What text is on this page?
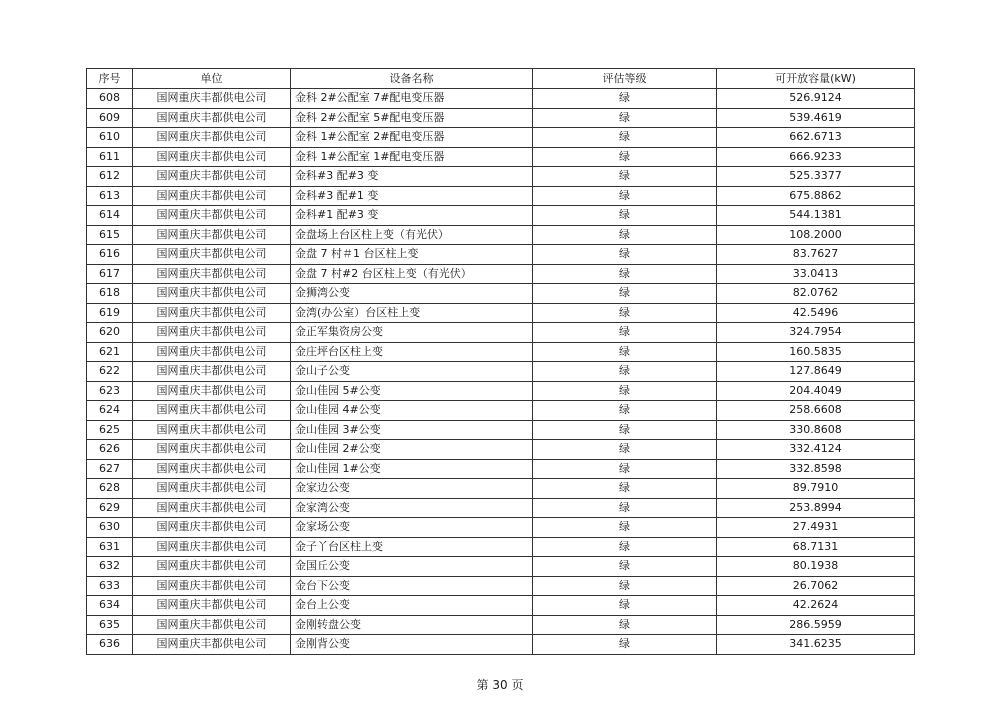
序号	单位	设备名称	评估等级	可开放容量(kW)
608	国网重庆丰都供电公司	金科 2#公配室 7#配电变压器	绿	526.9124
609	国网重庆丰都供电公司	金科 2#公配室 5#配电变压器	绿	539.4619
610	国网重庆丰都供电公司	金科 1#公配室 2#配电变压器	绿	662.6713
611	国网重庆丰都供电公司	金科 1#公配室 1#配电变压器	绿	666.9233
612	国网重庆丰都供电公司	金科#3 配#3 变	绿	525.3377
613	国网重庆丰都供电公司	金科#3 配#1 变	绿	675.8862
614	国网重庆丰都供电公司	金科#1 配#3 变	绿	544.1381
615	国网重庆丰都供电公司	金盘场上台区柱上变（有光伏）	绿	108.2000
616	国网重庆丰都供电公司	金盘 7 村＃1 台区柱上变	绿	83.7627
617	国网重庆丰都供电公司	金盘 7 村#2 台区柱上变（有光伏）	绿	33.0413
618	国网重庆丰都供电公司	金狮湾公变	绿	82.0762
619	国网重庆丰都供电公司	金湾(办公室）台区柱上变	绿	42.5496
620	国网重庆丰都供电公司	金正军集资房公变	绿	324.7954
621	国网重庆丰都供电公司	金庄坪台区柱上变	绿	160.5835
622	国网重庆丰都供电公司	金山子公变	绿	127.8649
623	国网重庆丰都供电公司	金山佳园 5#公变	绿	204.4049
624	国网重庆丰都供电公司	金山佳园 4#公变	绿	258.6608
625	国网重庆丰都供电公司	金山佳园 3#公变	绿	330.8608
626	国网重庆丰都供电公司	金山佳园 2#公变	绿	332.4124
627	国网重庆丰都供电公司	金山佳园 1#公变	绿	332.8598
628	国网重庆丰都供电公司	金家边公变	绿	89.7910
629	国网重庆丰都供电公司	金家湾公变	绿	253.8994
630	国网重庆丰都供电公司	金家场公变	绿	27.4931
631	国网重庆丰都供电公司	金子丫台区柱上变	绿	68.7131
632	国网重庆丰都供电公司	金国丘公变	绿	80.1938
633	国网重庆丰都供电公司	金台下公变	绿	26.7062
634	国网重庆丰都供电公司	金台上公变	绿	42.2624
635	国网重庆丰都供电公司	金刚转盘公变	绿	286.5959
636	国网重庆丰都供电公司	金刚背公变	绿	341.6235
第 30 页
